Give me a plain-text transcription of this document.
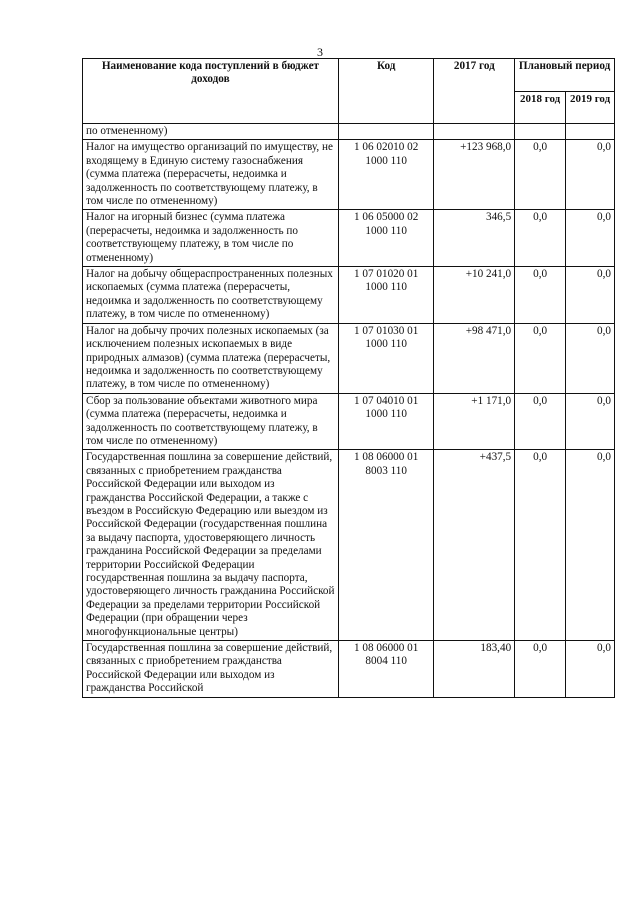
3
Наименование кода поступлений в бюджет доходов	Код	2017 год	Плановый период	
			2018 год	2019 год
по отмененному)				
Налог на имущество организаций по имуществу, не входящему в Единую систему газоснабжения (сумма платежа (перерасчеты, недоимка и задолженность по соответствующему платежу, в том числе по отмененному)	1 06 02010 02 1000 110	+123 968,0	0,0	0,0
Налог на игорный бизнес (сумма платежа (перерасчеты, недоимка и задолженность по соответствующему платежу, в том числе по отмененному)	1 06 05000 02 1000 110	346,5	0,0	0,0
Налог на добычу общераспространенных полезных ископаемых (сумма платежа (перерасчеты, недоимка и задолженность по соответствующему платежу, в том числе по отмененному)	1 07 01020 01 1000 110	+10 241,0	0,0	0,0
Налог на добычу прочих полезных ископаемых (за исключением полезных ископаемых в виде природных алмазов) (сумма платежа (перерасчеты, недоимка и задолженность по соответствующему платежу, в том числе по отмененному)	1 07 01030 01 1000 110	+98 471,0	0,0	0,0
Сбор за пользование объектами животного мира (сумма платежа (перерасчеты, недоимка и задолженность по соответствующему платежу, в том числе по отмененному)	1 07 04010 01 1000 110	+1 171,0	0,0	0,0
Государственная пошлина за совершение действий, связанных с приобретением гражданства Российской Федерации или выходом из гражданства Российской Федерации, а также с въездом в Российскую Федерацию или выездом из Российской Федерации (государственная пошлина за выдачу паспорта, удостоверяющего личность гражданина Российской Федерации за пределами территории Российской Федерации государственная пошлина за выдачу паспорта, удостоверяющего личность гражданина Российской Федерации за пределами территории Российской Федерации (при обращении через многофункциональные центры)	1 08 06000 01 8003 110	+437,5	0,0	0,0
Государственная пошлина за совершение действий, связанных с приобретением гражданства Российской Федерации или выходом из гражданства Российской	1 08 06000 01 8004 110	183,40	0,0	0,0
